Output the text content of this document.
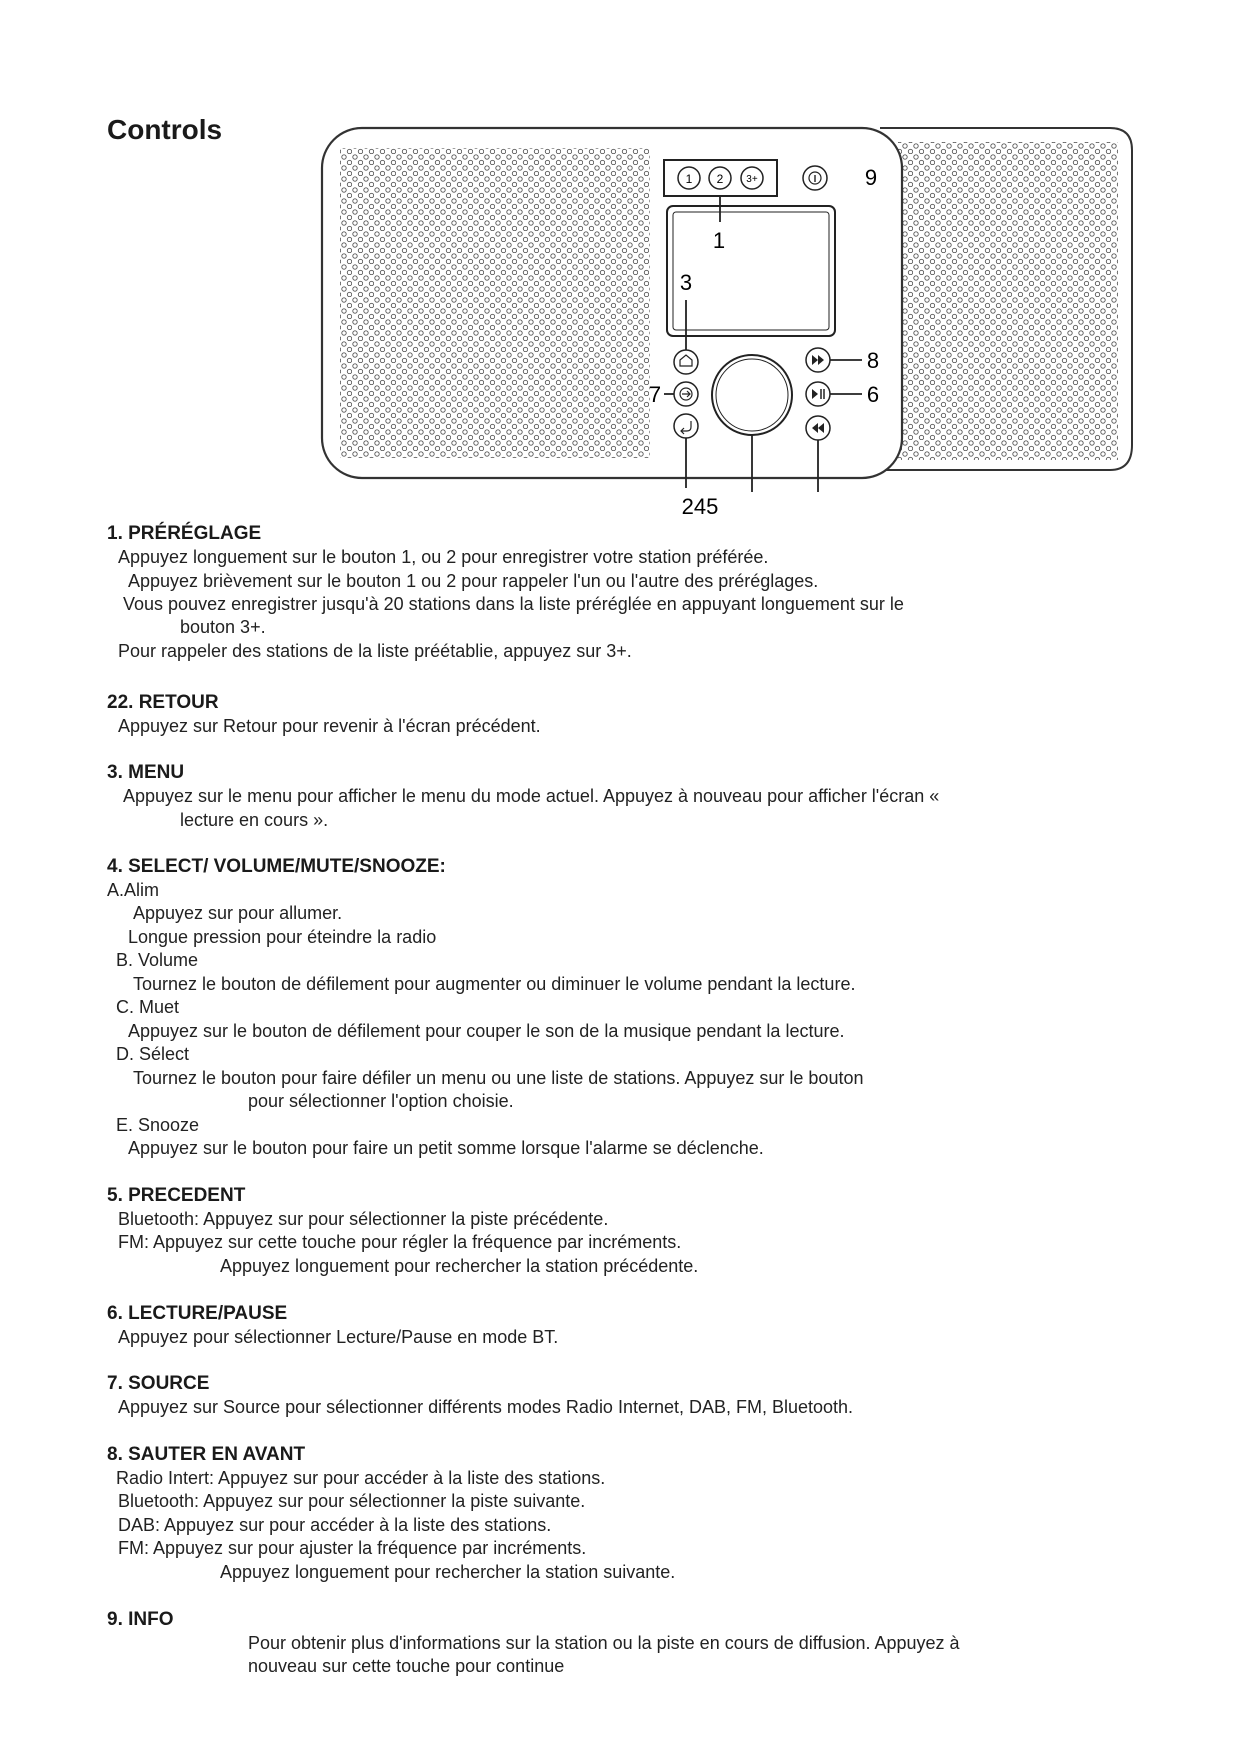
Controls
1 2 3+
1
3
7
8
6
9
245
1. PRÉRÉGLAGE
Appuyez longuement sur le bouton 1, ou 2 pour enregistrer votre station préférée.
Appuyez brièvement sur le bouton 1 ou 2 pour rappeler l'un ou l'autre des préréglages.
Vous pouvez enregistrer jusqu'à 20 stations dans la liste préréglée en appuyant longuement sur le
bouton 3+.
Pour rappeler des stations de la liste préétablie, appuyez sur 3+.
22. RETOUR
Appuyez sur Retour pour revenir à l'écran précédent.
3. MENU
Appuyez sur le menu pour afficher le menu du mode actuel. Appuyez à nouveau pour afficher l'écran «
lecture en cours ».
4. SELECT/ VOLUME/MUTE/SNOOZE:
A.Alim
Appuyez sur pour allumer.
Longue pression pour éteindre la radio
B. Volume
Tournez le bouton de défilement pour augmenter ou diminuer le volume pendant la lecture.
C. Muet
Appuyez sur le bouton de défilement pour couper le son de la musique pendant la lecture.
D. Sélect
Tournez le bouton pour faire défiler un menu ou une liste de stations. Appuyez sur le bouton
pour sélectionner l'option choisie.
E. Snooze
Appuyez sur le bouton pour faire un petit somme lorsque l'alarme se déclenche.
5. PRECEDENT
Bluetooth: Appuyez sur pour sélectionner la piste précédente.
FM: Appuyez sur cette touche pour régler la fréquence par incréments.
Appuyez longuement pour rechercher la station précédente.
6. LECTURE/PAUSE
Appuyez pour sélectionner Lecture/Pause en mode BT.
7. SOURCE
Appuyez sur Source pour sélectionner différents modes Radio Internet, DAB, FM, Bluetooth.
8. SAUTER EN AVANT
Radio Intert: Appuyez sur pour accéder à la liste des stations.
Bluetooth: Appuyez sur pour sélectionner la piste suivante.
DAB: Appuyez sur pour accéder à la liste des stations.
FM: Appuyez sur pour ajuster la fréquence par incréments.
Appuyez longuement pour rechercher la station suivante.
9. INFO
Pour obtenir plus d'informations sur la station ou la piste en cours de diffusion. Appuyez à
nouveau sur cette touche pour continue
